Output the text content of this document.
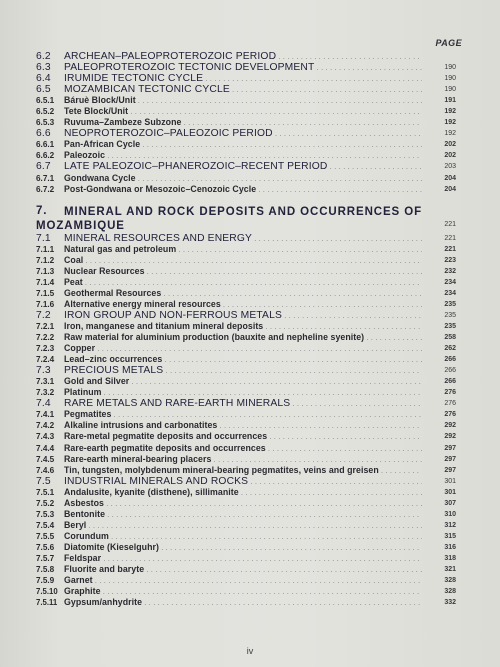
PAGE
6.2 ARCHEAN–PALEOPROTEROZOIC PERIOD . . .
6.3 PALEOPROTEROZOIC TECTONIC DEVELOPMENT . . .	190
6.4 IRUMIDE TECTONIC CYCLE . . .	190
6.5 MOZAMBICAN TECTONIC CYCLE . . .	190
6.5.1 Báruè Block/Unit . . .	191
6.5.2 Tete Block/Unit . . .	192
6.5.3 Ruvuma–Zambeze Subzone . . .	192
6.6 NEOPROTEROZOIC–PALEOZOIC PERIOD . . .	192
6.6.1 Pan-African Cycle . . .	202
6.6.2 Paleozoic . . .	202
6.7 LATE PALEOZOIC–PHANEROZOIC–RECENT PERIOD . . .	203
6.7.1 Gondwana Cycle . . .	204
6.7.2 Post-Gondwana or Mesozoic–Cenozoic Cycle . . .	204
7. MINERAL AND ROCK DEPOSITS AND OCCURRENCES OF
MOZAMBIQUE	221
7.1 MINERAL RESOURCES AND ENERGY . . .	221
7.1.1 Natural gas and petroleum . . .	221
7.1.2 Coal . . .	223
7.1.3 Nuclear Resources . . .	232
7.1.4 Peat . . .	234
7.1.5 Geothermal Resources . . .	234
7.1.6 Alternative energy mineral resources . . .	235
7.2 IRON GROUP AND NON-FERROUS METALS . . .	235
7.2.1 Iron, manganese and titanium mineral deposits . . .	235
7.2.2 Raw material for aluminium production (bauxite and nepheline syenite) . . .	258
7.2.3 Copper . . .	262
7.2.4 Lead–zinc occurrences . . .	266
7.3 PRECIOUS METALS . . .	266
7.3.1 Gold and Silver . . .	266
7.3.2 Platinum . . .	276
7.4 RARE METALS AND RARE-EARTH MINERALS . . .	276
7.4.1 Pegmatites . . .	276
7.4.2 Alkaline intrusions and carbonatites . . .	292
7.4.3 Rare-metal pegmatite deposits and occurrences . . .	292
7.4.4 Rare-earth pegmatite deposits and occurrences . . .	297
7.4.5 Rare-earth mineral-bearing placers . . .	297
7.4.6 Tin, tungsten, molybdenum mineral-bearing pegmatites, veins and greisen . . .	297
7.5 INDUSTRIAL MINERALS AND ROCKS . . .	301
7.5.1 Andalusite, kyanite (disthene), sillimanite . . .	301
7.5.2 Asbestos . . .	307
7.5.3 Bentonite . . .	310
7.5.4 Beryl . . .	312
7.5.5 Corundum . . .	315
7.5.6 Diatomite (Kieselguhr) . . .	316
7.5.7 Feldspar . . .	318
7.5.8 Fluorite and baryte . . .	321
7.5.9 Garnet . . .	328
7.5.10 Graphite . . .	328
7.5.11 Gypsum/anhydrite . . .	332
iv
